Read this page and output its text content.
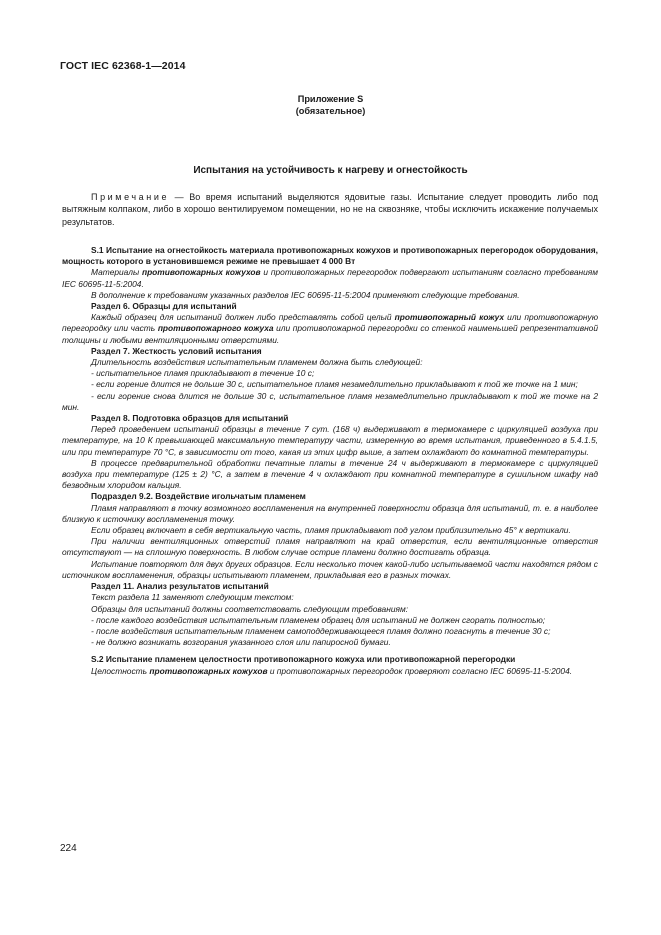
ГОСТ IEC 62368-1—2014
Приложение S
(обязательное)
Испытания на устойчивость к нагреву и огнестойкость
Примечание — Во время испытаний выделяются ядовитые газы. Испытание следует проводить либо под вытяжным колпаком, либо в хорошо вентилируемом помещении, но не на сквозняке, чтобы исключить искажение получаемых результатов.

S.1 Испытание на огнестойкость материала противопожарных кожухов и противопожарных перегородок оборудования, мощность которого в установившемся режиме не превышает 4 000 Вт

Материалы противопожарных кожухов и противопожарных перегородок подвергают испытаниям согласно требованиям IEC 60695-11-5:2004.

В дополнение к требованиям указанных разделов IEC 60695-11-5:2004 применяют следующие требования.

Раздел 6. Образцы для испытаний

Каждый образец для испытаний должен либо представлять собой целый противопожарный кожух или противопожарную перегородку или часть противопожарного кожуха или противопожарной перегородки со стенкой наименьшей репрезентативной толщины и любыми вентиляционными отверстиями.

Раздел 7. Жесткость условий испытания

Длительность воздействия испытательным пламенем должна быть следующей:

- испытательное пламя прикладывают в течение 10 с;

- если горение длится не дольше 30 с, испытательное пламя незамедлительно прикладывают к той же точке на 1 мин;

- если горение снова длится не дольше 30 с, испытательное пламя незамедлительно прикладывают к той же точке на 2 мин.

Раздел 8. Подготовка образцов для испытаний

Перед проведением испытаний образцы в течение 7 сут. (168 ч) выдерживают в термокамере с циркуляцией воздуха при температуре, на 10 К превышающей максимальную температуру части, измеренную во время испытания, приведенного в 5.4.1.5, или при температуре 70 °С, в зависимости от того, какая из этих цифр выше, а затем охлаждают до комнатной температуры.

В процессе предварительной обработки печатные платы в течение 24 ч выдерживают в термокамере с циркуляцией воздуха при температуре (125 ± 2) °С, а затем в течение 4 ч охлаждают при комнатной температуре в сушильном шкафу над безводным хлоридом кальция.

Подраздел 9.2. Воздействие игольчатым пламенем

Пламя направляют в точку возможного воспламенения на внутренней поверхности образца для испытаний, т. е. в наиболее близкую к источнику воспламенения точку.

Если образец включает в себя вертикальную часть, пламя прикладывают под углом приблизительно 45° к вертикали.

При наличии вентиляционных отверстий пламя направляют на край отверстия, если вентиляционные отверстия отсутствуют — на сплошную поверхность. В любом случае острие пламени должно достигать образца.

Испытание повторяют для двух других образцов. Если несколько точек какой-либо испытываемой части находятся рядом с источником воспламенения, образцы испытывают пламенем, прикладывая его в разных точках.

Раздел 11. Анализ результатов испытаний

Текст раздела 11 заменяют следующим текстом:

Образцы для испытаний должны соответствовать следующим требованиям:

- после каждого воздействия испытательным пламенем образец для испытаний не должен сгорать полностью;

- после воздействия испытательным пламенем самоподдерживающееся пламя должно погаснуть в течение 30 с;

- не должно возникать возгорания указанного слоя или папиросной бумаги.

S.2 Испытание пламенем целостности противопожарного кожуха или противопожарной перегородки

Целостность противопожарных кожухов и противопожарных перегородок проверяют согласно IEC 60695-11-5:2004.

224
